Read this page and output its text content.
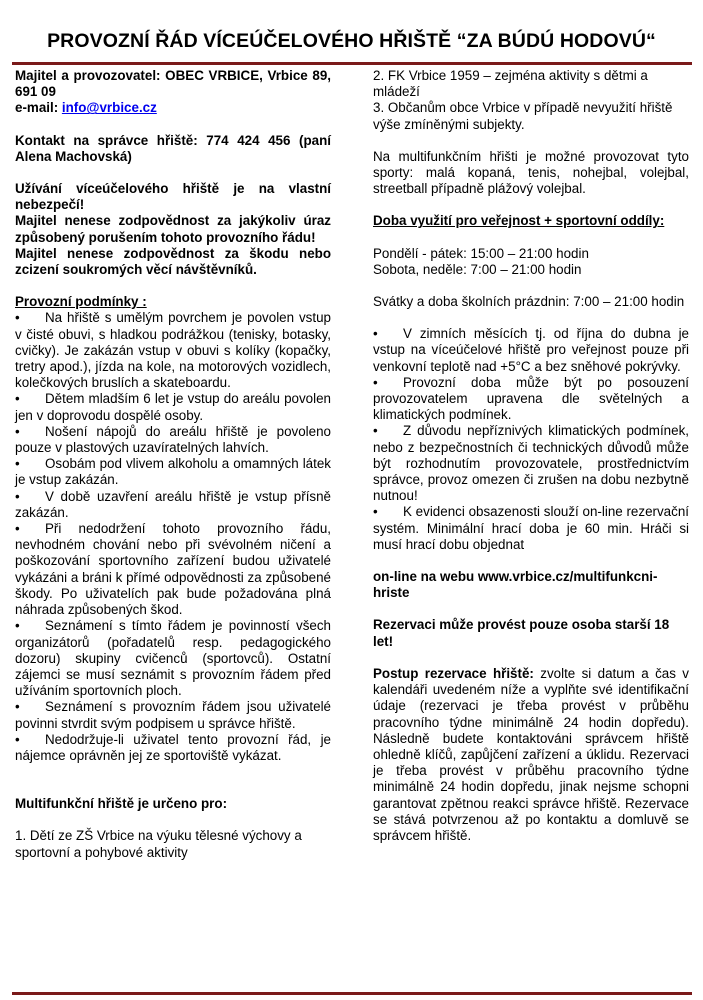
PROVOZNÍ ŘÁD VÍCEÚČELOVÉHO HŘIŠTĚ “ZA BÚDÚ HODOVÚ“

Majitel a provozovatel: OBEC VRBICE, Vrbice 89, 691 09

e-mail: info@vrbice.cz

Kontakt na správce hřiště: 774 424 456 (paní Alena Machovská)

Užívání víceúčelového hřiště je na vlastní nebezpečí!

Majitel nenese zodpovědnost za jakýkoliv úraz způsobený porušením tohoto provozního řádu!

Majitel nenese zodpovědnost za škodu nebo zcizení soukromých věcí návštěvníků.

Provozní podmínky :

• Na hřiště s umělým povrchem je povolen vstup v čisté obuvi, s hladkou podrážkou (tenisky, botasky, cvičky). Je zakázán vstup v obuvi s kolíky (kopačky, tretry apod.), jízda na kole, na motorových vozidlech, kolečkových bruslích a skateboardu.

• Dětem mladším 6 let je vstup do areálu povolen jen v doprovodu dospělé osoby.

• Nošení nápojů do areálu hřiště je povoleno pouze v plastových uzavíratelných lahvích.

• Osobám pod vlivem alkoholu a omamných látek je vstup zakázán.

• V době uzavření areálu hřiště je vstup přísně zakázán.

• Při nedodržení tohoto provozního řádu, nevhodném chování nebo při svévolném ničení a poškozování sportovního zařízení budou uživatelé vykázáni a bráni k přímé odpovědnosti za způsobené škody. Po uživatelích pak bude požadována plná náhrada způsobených škod.

• Seznámení s tímto řádem je povinností všech organizátorů (pořadatelů resp. pedagogického dozoru) skupiny cvičenců (sportovců). Ostatní zájemci se musí seznámit s provozním řádem před užíváním sportovních ploch.

• Seznámení s provozním řádem jsou uživatelé povinni stvrdit svým podpisem u správce hřiště.

• Nedodržuje-li uživatel tento provozní řád, je nájemce oprávněn jej ze sportoviště vykázat.

Multifunkční hřiště je určeno pro:

1. Dětí ze ZŠ Vrbice na výuku tělesné výchovy a sportovní a pohybové aktivity

2. FK Vrbice 1959 – zejména aktivity s dětmi a mládeží

3. Občanům obce Vrbice v případě nevyužití hřiště výše zmíněnými subjekty.

Na multifunkčním hřišti je možné provozovat tyto sporty: malá kopaná, tenis, nohejbal, volejbal, streetball případně plážový volejbal.

Doba využití pro veřejnost + sportovní oddíly:

Pondělí - pátek: 15:00 – 21:00 hodin

Sobota, neděle: 7:00 – 21:00 hodin

Svátky a doba školních prázdnin: 7:00 – 21:00 hodin

• V zimních měsících tj. od října do dubna je vstup na víceúčelové hřiště pro veřejnost pouze při venkovní teplotě nad +5°C a bez sněhové pokrývky.

• Provozní doba může být po posouzení provozovatelem upravena dle světelných a klimatických podmínek.

• Z důvodu nepříznivých klimatických podmínek, nebo z bezpečnostních či technických důvodů může být rozhodnutím provozovatele, prostřednictvím správce, provoz omezen či zrušen na dobu nezbytně nutnou!

• K evidenci obsazenosti slouží on-line rezervační systém. Minimální hrací doba je 60 min. Hráči si musí hrací dobu objednat

on-line na webu www.vrbice.cz/multifunkcni-hriste

Rezervaci může provést pouze osoba starší 18 let!

Postup rezervace hřiště: zvolte si datum a čas v kalendáři uvedeném níže a vyplňte své identifikační údaje (rezervaci je třeba provést v průběhu pracovního týdne minimálně 24 hodin dopředu). Následně budete kontaktováni správcem hřiště ohledně klíčů, zapůjčení zařízení a úklidu. Rezervaci je třeba provést v průběhu pracovního týdne minimálně 24 hodin dopředu, jinak nejsme schopni garantovat zpětnou reakci správce hřiště. Rezervace se stává potvrzenou až po kontaktu a domluvě se správcem hřiště.
